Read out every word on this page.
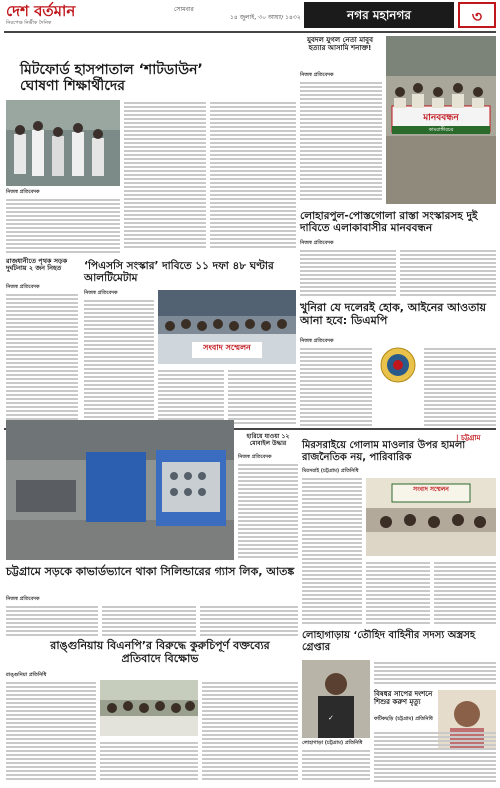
দেশ বর্তমান
নিরপেক্ষ নির্ভীক দৈনিক
সোমবার
১৪ জুলাই, ৩০ আষাঢ় ১৪৩২	নগর মহানগর	৩
মিটফোর্ড হাসপাতাল ‘শাটডাউন’ ঘোষণা শিক্ষার্থীদের
নিজস্ব প্রতিবেদক
যুবদল যুগল নেতা মাবুব হত্যার আসামি শনাক্ত!
নিজস্ব প্রতিবেদক
মানববন্ধন
কামরাঙ্গীরচর
লোহারপুল-পোস্তগোলা রাস্তা সংস্কারসহ দুই দাবিতে এলাকাবাসীর মানববন্ধন
নিজস্ব প্রতিবেদক
রাজধানীতে পৃথক সড়ক দুর্ঘটনায় ২ জন নিহত
নিজস্ব প্রতিবেদক
‘পিএসসি সংস্কার’ দাবিতে ১১ দফা ৪৮ ঘণ্টার আলটিমেটাম
নিজস্ব প্রতিবেদক
সংবাদ সম্মেলন
খুনিরা যে দলেরই হোক, আইনের আওতায় আনা হবে: ডিএমপি
নিজস্ব প্রতিবেদক
| চট্টগ্রাম
হারিয়ে যাওয়া ১২ মোবাইল উদ্ধার
নিজস্ব প্রতিবেদক
মিরসরাইয়ে গোলাম মাওলার উপর হামলা রাজনৈতিক নয়, পারিবারিক
মিরসরাই (চট্টগ্রাম) প্রতিনিধি
সংবাদ সম্মেলন
চট্টগ্রামে সড়কে কাভার্ডভ্যানে থাকা সিলিন্ডারের গ্যাস লিক, আতঙ্ক
নিজস্ব প্রতিবেদক
রাঙ্গুনিয়ায় বিএনপি’র বিরুদ্ধে কুরুচিপূর্ণ বক্তব্যের প্রতিবাদে বিক্ষোভ
রাঙ্গুনিয়া প্রতিনিধি
লোহাগাড়ায় ‘তৌহিদ বাহিনীর সদস্য অস্ত্রসহ গ্রেপ্তার
✓
লোহাগাড়া (চট্টগ্রাম) প্রতিনিধি
বিষধর সাপের দংশনে শিশুর করুণ মৃত্যু
ফটিকছড়ি (চট্টগ্রাম) প্রতিনিধি
